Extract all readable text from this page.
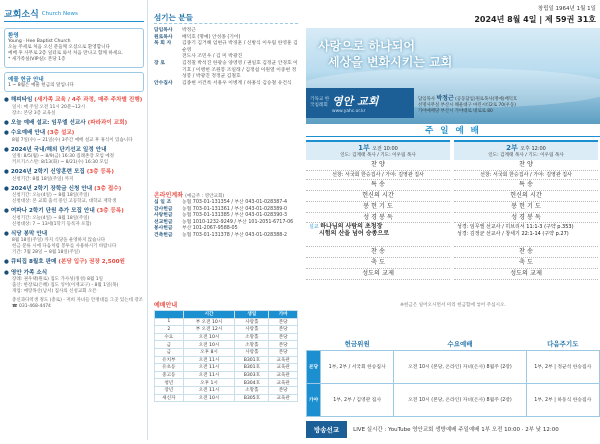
교회소식 Church News
환영
Young · Hee Baptist Church
오늘 주세로 처음 오신 분들께 오셨으로 환영합니다
예배 후 사무로 2층 일터로 와서 처음 만나고 함께 하세요.
* 새가족실(VIP실): 본당 1층
예물 헌금 안내
1 ~ 8월은 예물 헌금의 달입니다
● 해피타임 (새가족 교육 / 4주 과정, 매주 주차별 진행)
일시: 매 주일 오전 11시 20분~12시
장소: 본당 3층 교육실
● 오늘 예배 설교: 임무엘 선교사 (파라과이 교회)
● 수요예배 안내 (3층 설교)
8월 7일(수) ~ 21일(수) 3주간 예배 설교 후 휴식이 있습니다
● 2024년 국내/해외 단기선교 일정 안내
일정: 8/5(월) ~ 8/9(금) 16:30 집례촌장 모임 예정
키르기스스탄: 8/13(화) ~ 8/21(수) 16:30 모임
● 2024년 2학기 신앙훈련 모집 (3층 등록)
신청기간: 8월 18일(주일) 까지
● 2024년 2학기 장학금 신청 안내 (3층 접수)
신청기간: 오늘(4일) ~ 8월 18일(주일)
신청대상: 본 교회 출석 중인 고등학교, 대학교 재학생
● 여파나 2학기 단원 추가 모집 안내 (3층 등록)
신청기간: 오늘(4일) ~ 8월 18일(주일)
신청대상: 7 ~ 13세(1학기 등록자 포함)
● 식당 봉막 안내
8월 18일(주일) 까지 식당을 운영하지 않습니다
헌금 분류 시에 다음처럼 봉투를 사용하시기 바랍니다
기간: 7월 28일 ~ 8월 18일(주일)
● 큐티집 8월호 판매 (본당 입구) 권장 2,500원
● 영안 가족 소식
장례: 권우택(원로) 집도 가사성(정성) 8월 1일
출산: 한장로(은혜) 집도 잉이(이재교구) - 8월 1일(목)
개업: 예랑목산(남서) 집사의 신설교회 오픈
총신과다역생 정도 (총로) - 저희 자녀들 안정대를 그곳 있는데 강조
☎ 031-468-4474
섬기는 분들
담임목사	박정근
원로목사	배덕호 (명예) 안성종 (기어)
목 회 자	김종기 김거해 임현규 박경훈 / 신방식 이우림 한영훈 김순영
전도사 조민우 / 김 미 박광진
장 로	김정칠 박석진 한광숭 양영영 / 권일호 김정균 안경호 이기호 / 이병헌 조원봉 조일래 / 김정섭 이원열 이중현 정성봉 / 박광진 정정균 김철호
안수집사	김종현 서건록 서용우 이병계 / 하홍식 김승철 유건식
온라인계좌 (예금주 : 영안교회)
십 일 조	농협 703-01-131354 / 부산 043-01-028387-4
감사헌금	농협 703-01-131361 / 부산 043-01-028389-0
사랑헌금	농협 703-01-131385 / 부산 043-01-028390-3
선교헌금	농협 1010-1232-9249 / 부산 101-2051-6717-06
봉사헌금	부산 101-2067-9588-05
건축헌금	농협 703-01-131378 / 부산 043-01-028388-2
예배안내
	시간	생일	가마
1	부 오전 10시	사랑홀	본당
2	부 오전 12시	사랑홀	본당
수요	오전 10시	소망홀	본당
금	오전 10시	소망홀	본당
금	오후 8시	사랑홀	본당
유치부	오전 11시	B301호	교육관
유초등	오전 11시	B301호	교육관
중고등	오전 11시	B303호	교육관
청년	오후 1시	B304호	교육관
장년	오전 11시	소망홀	본당
새신자	오전 10시	B305호	교육관
창립일 1964년 1월 1일
2024년 8월 4일 | 제 59권 31호
사랑으로 하나되어
세상을 변화시키는 교회
기독교 한국침례회 영안 교회
www.yahc.or.kr
담임목사 박정근 (공동담임)원로목사(명예)배덕호
선명사무실 부산시 해운대구 마린시티2로 70(우동)
가야예배당 부산시 가야대로 대로로 80
주 일 예 배
1부 오전 10:00
인도: 김계태 목사 / 기도: 이우림 목사
찬 양
선창: 서국회 한승집사 / 가야: 김영관 집사
특 송
헌신의 시간
봉 헌 기 도
성 경 봉 독
설교 하나님의 사람의 초청장
시험의 산을 넘어 승종으로
찬 송
축 도
성도의 교제
2부 오후 12:00
인도: 김계태 목사 / 기도: 이우림 목사
찬 양
선창: 서국회 한승집사 / 가야: 김영관 집사
특 송
헌신의 시간
봉 헌 기 도
성 경 봉 독
성경: 임무엘 선교사 / 히브리서 11:1-3 (구약 p.353)
성경: 김정균 선교사 / 창세기 22:1-14 (구약 p.27)
찬 송
축 도
성도의 교제
※헌금은 일어오시면서 미리 헌금함에 넣어 주십시오.
	헌금위원	수요예배	다음주기도
본당	1부, 2부 / 서국회 한승집사	오전 10시 (본당, 온라인) 자녀(은사) 8월주 (2장)	1부, 2부 | 정균석 한승집사
가야	1부, 2부 / 김영관 집사	오전 10시 (본당, 온라인) 자녀(은사) 8월주 (2장)	1부, 2부 | 하동식 한승집사
방송선교	LIVE 실시간 : YouTube 영안교회 생방예배 주일예배 1부 오전 10:00 · 2부 낮 12:00
